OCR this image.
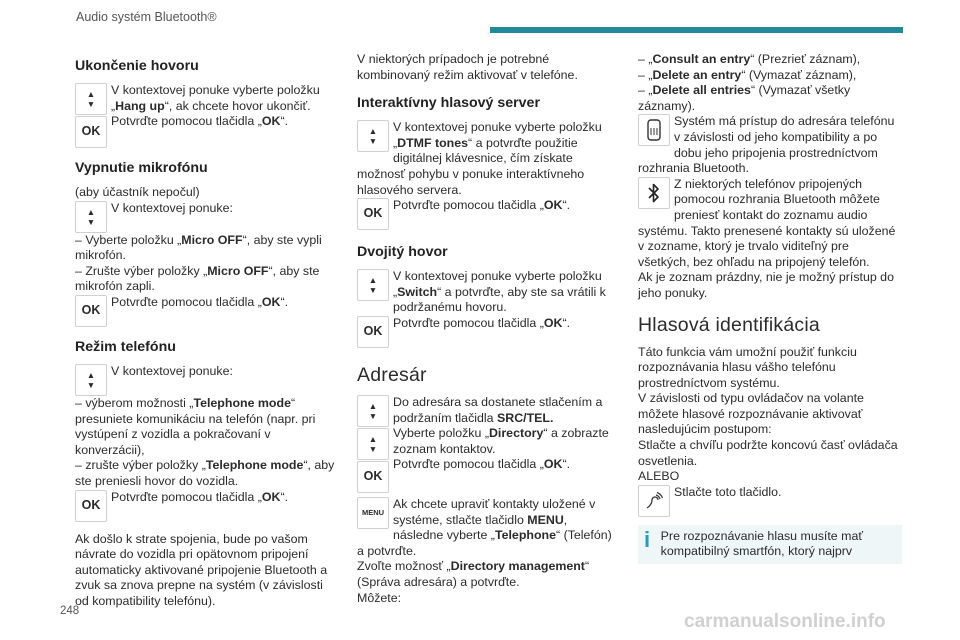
Audio systém Bluetooth®
Ukončenie hovoru
▲
▼
OK

V kontextovej ponuke vyberte položku „Hang up“, ak chcete hovor ukončiť.

Potvrďte pomocou tlačidla „OK“.

Vypnutie mikrofónu

(aby účastník nepočul)

▲
▼

V kontextovej ponuke:

– Vyberte položku „Micro OFF“, aby ste vypli mikrofón.

– Zrušte výber položky „Micro OFF“, aby ste mikrofón zapli.

OK

Potvrďte pomocou tlačidla „OK“.

Režim telefónu
▲
▼

V kontextovej ponuke:

– výberom možnosti „Telephone mode“ presuniete komunikáciu na telefón (napr. pri vystúpení z vozidla a pokračovaní v konverzácii),

– zrušte výber položky „Telephone mode“, aby ste preniesli hovor do vozidla.

OK

Potvrďte pomocou tlačidla „OK“.

Ak došlo k strate spojenia, bude po vašom návrate do vozidla pri opätovnom pripojení automaticky aktivované pripojenie Bluetooth a zvuk sa znova prepne na systém (v závislosti od kompatibility telefónu).

V niektorých prípadoch je potrebné kombinovaný režim aktivovať v telefóne.

Interaktívny hlasový server
▲
▼

V kontextovej ponuke vyberte položku „DTMF tones“ a potvrďte použitie digitálnej klávesnice, čím získate možnosť pohybu v ponuke interaktívneho hlasového servera.

OK

Potvrďte pomocou tlačidla „OK“.

Dvojitý hovor
▲
▼

V kontextovej ponuke vyberte položku „Switch“ a potvrďte, aby ste sa vrátili k podržanému hovoru.

OK

Potvrďte pomocou tlačidla „OK“.

Adresár
▲
▼
▲
▼
OK

Do adresára sa dostanete stlačením a podržaním tlačidla SRC/TEL.

Vyberte položku „Directory“ a zobrazte zoznam kontaktov.

Potvrďte pomocou tlačidla „OK“.

MENU

Ak chcete upraviť kontakty uložené v systéme, stlačte tlačidlo MENU, následne vyberte „Telephone“ (Telefón) a potvrďte.

Zvoľte možnosť „Directory management“ (Správa adresára) a potvrďte.

Môžete:

– „Consult an entry“ (Prezrieť záznam),

– „Delete an entry“ (Vymazať záznam),

– „Delete all entries“ (Vymazať všetky záznamy).

Systém má prístup do adresára telefónu v závislosti od jeho kompatibility a po dobu jeho pripojenia prostredníctvom rozhrania Bluetooth.

Z niektorých telefónov pripojených pomocou rozhrania Bluetooth môžete preniesť kontakt do zoznamu audio systému. Takto prenesené kontakty sú uložené v zozname, ktorý je trvalo viditeľný pre všetkých, bez ohľadu na pripojený telefón.

Ak je zoznam prázdny, nie je možný prístup do jeho ponuky.

Hlasová identifikácia

Táto funkcia vám umožní použiť funkciu rozpoznávania hlasu vášho telefónu prostredníctvom systému.

V závislosti od typu ovládačov na volante môžete hlasové rozpoznávanie aktivovať nasledujúcim postupom:

Stlačte a chvíľu podržte koncovú časť ovládača osvetlenia.

ALEBO

Stlačte toto tlačidlo.

i Pre rozpoznávanie hlasu musíte mať kompatibilný smartfón, ktorý najprv

248	carmanualsonline.info
